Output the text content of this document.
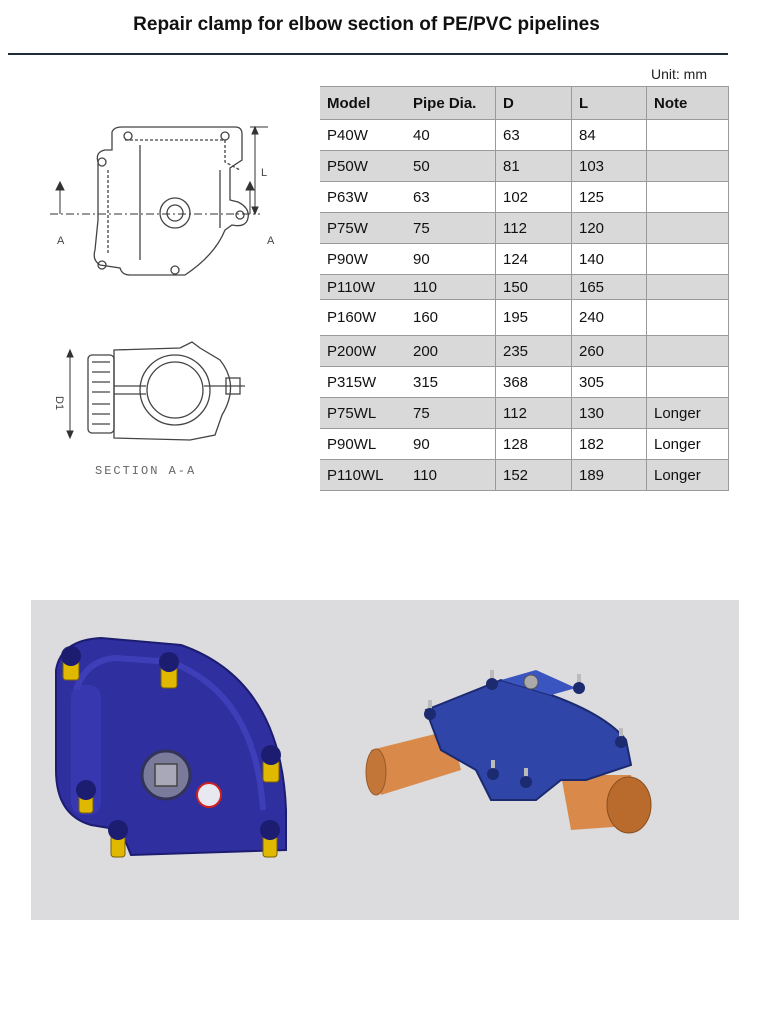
Repair clamp for elbow section of PE/PVC pipelines
A	A
L
D1
SECTION A-A
Unit: mm
Model	Pipe Dia.	D	L	Note
P40W	40	63	84	
P50W	50	81	103	
P63W	63	102	125	
P75W	75	112	120	
P90W	90	124	140	
P110W	110	150	165	
P160W	160	195	240	
P200W	200	235	260	
P315W	315	368	305	
P75WL	75	112	130	Longer
P90WL	90	128	182	Longer
P110WL	110	152	189	Longer
